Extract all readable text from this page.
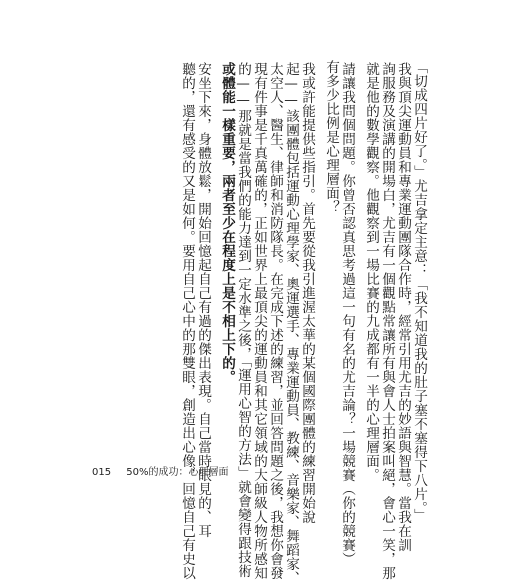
「切成四片好了。」尤吉拿定主意：「我不知道我的肚子塞不塞得下八片。」
我與頂尖運動員和專業運動團隊合作時，經常引用尤吉的妙語與智慧。當我在訓
詢服務及演講的開場白，尤吉有一個觀點常讓所有與會人士拍案叫絕，會心一笑，那
就是他的數學觀察。他觀察到一場比賽的九成都有一半的心理層面。
請讓我問個問題。你曾否認真思考過這一句有名的尤吉論？一場競賽（你的競賽）
有多少比例是心理層面？
我或許能提供些指引。首先要從我引進渥太華的某個國際團體的練習開始說
起——該團體包括運動心理學家、奧運選手、專業運動員、教練、音樂家、舞蹈家、
太空人、醫生、律師和消防隊長。在完成下述的練習，並回答問題之後，我想你會發
現有件事是千真萬確的，正如世界上最頂尖的運動員和其它領域的大師級人物所感知
的——那就是當我們的能力達到一定水準之後，「運用心智的方法」就會變得跟技術
或體能一樣重要，兩者至少在程度上是不相上下的。
安坐下來，身體放鬆，開始回憶起自己有過的傑出表現。自己當時眼見的、耳
聽的，還有感受的又是如何。要用自己心中的那雙眼，創造出心像，回憶自己有史以
015 50%的成功：心理層面
